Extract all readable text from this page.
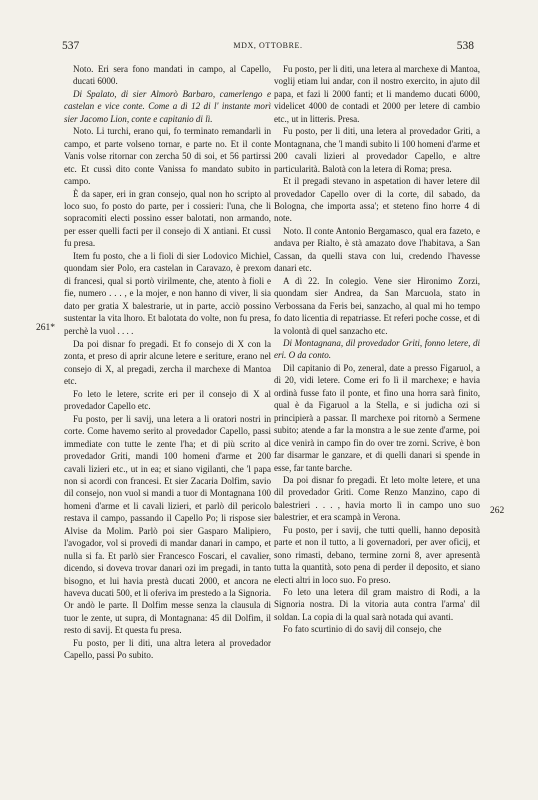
537	MDX, OTTOBRE.	538
261*
262

Noto. Eri sera fono mandati in campo, al Capello, ducati 6000.

Di Spalato, di sier Almorò Barbaro, camerlengo e castelan e vice conte. Come a dì 12 di l' instante morì sier Jacomo Lion, conte e capitanio di lì.

Noto. Li turchi, erano qui, fo terminato remandarli in campo, et parte volseno tornar, e parte no. Et il conte Vanis volse ritornar con zercha 50 di soi, et 56 partirssi etc. Et cussì dito conte Vanissa fo mandato subito in campo.

È da saper, eri in gran consejo, qual non ho scripto al loco suo, fo posto do parte, per i cossieri: l'una, che li sopracomiti electi possino esser balotati, non armando, per esser quelli facti per il consejo di X antiani. Et cussì fu presa.

Item fu posto, che a li fioli di sier Lodovico Michiel, quondam sier Polo, era castelan in Caravazo, è prexom di francesi, qual si portò virilmente, che, atento à fioli e fie, numero . . . , e la mojer, e non hanno di viver, li sia dato per gratia X balestrarie, ut in parte, acciò possino sustentar la vita lhoro. Et balotata do volte, non fu presa, perchè la vuol . . . .

Da poi disnar fo pregadi. Et fo consejo di X con la zonta, et preso di aprir alcune letere e seriture, erano nel consejo di X, al pregadi, zercha il marchexe di Mantoa etc.

Fo leto le letere, scrite eri per il consejo di X al provedador Capello etc.

Fu posto, per li savij, una letera a li oratori nostri in corte. Come havemo serito al provedador Capello, passi immediate con tutte le zente l'ha; et di più scrito al provedador Griti, mandi 100 homeni d'arme et 200 cavali lizieri etc., ut in ea; et siano vigilanti, che 'l papa non si acordi con francesi. Et sier Zacaria Dolfim, savio dil consejo, non vuol si mandi a tuor di Montagnana 100 homeni d'arme et li cavali lizieri, et parlò dil pericolo restava il campo, passando il Capello Po; li rispose sier Alvise da Molim. Parlò poi sier Gasparo Malipiero, l'avogador, vol si provedi di mandar danari in campo, et nulla si fa. Et parlò sier Francesco Foscari, el cavalier, dicendo, si doveva trovar danari ozi im pregadi, in tanto bisogno, et lui havia prestà ducati 2000, et ancora ne haveva ducati 500, et li oferiva im prestedo a la Signoria. Or andò le parte. Il Dolfim messe senza la clausula di tuor le zente, ut supra, di Montagnana: 45 dil Dolfim, il resto di savij. Et questa fu presa.

Fu posto, per li diti, una altra letera al provedador Capello, passi Po subito.

Fu posto, per li diti, una letera al marchexe di Mantoa, voglij etiam lui andar, con il nostro exercito, in ajuto dil papa, et fazi li 2000 fanti; et li mandemo ducati 6000, videlicet 4000 de contadi et 2000 per letere di cambio etc., ut in litteris. Presa.

Fu posto, per li diti, una letera al provedador Griti, a Montagnana, che 'l mandi subito li 100 homeni d'arme et 200 cavali lizieri al provedador Capello, e altre particularità. Balotà con la letera di Roma; presa.

Et il pregadi stevano in aspetation di haver letere dil provedador Capello over di la corte, dil sabado, da Bologna, che importa assa'; et steteno fino horre 4 di note.

Noto. Il conte Antonio Bergamasco, qual era fazeto, e andava per Rialto, è stà amazato dove l'habitava, a San Cassan, da quelli stava con lui, credendo l'havesse danari etc.

A dì 22. In colegio. Vene sier Hironimo Zorzi, quondam sier Andrea, da San Marcuola, stato in Verbossana da Feris bei, sanzacho, al qual mi ho tempo fo dato licentia di repatriasse. Et referi poche cosse, et di la volontà di quel sanzacho etc.

Di Montagnana, dil provedador Griti, fonno letere, di eri. O da conto.

Dil capitanio di Po, zeneral, date a presso Figaruol, a dì 20, vidi letere. Come eri fo lì il marchexe; e havia ordinà fusse fato il ponte, et fino una horra sarà finito, qual è da Figaruol a la Stella, e si judicha ozi si principierà a passar. Il marchexe poi ritornò a Sermene subito; atende a far la monstra a le sue zente d'arme, poi dice venirà in campo fin do over tre zorni. Scrive, è bon far disarmar le ganzare, et di quelli danari si spende in esse, far tante barche.

Da poi disnar fo pregadi. Et leto molte letere, et una dil provedador Griti. Come Renzo Manzino, capo di balestrieri . . . , havia morto lì in campo uno suo balestrier, et era scampà in Verona.

Fu posto, per i savij, che tutti quelli, hanno deposità parte et non il tutto, a li governadori, per aver oficij, et sono rimasti, debano, termine zorni 8, aver apresentà tutta la quantità, soto pena di perder il deposito, et siano electi altri in loco suo. Fo preso.

Fo leto una letera dil gram maistro di Rodi, a la Signoria nostra. Di la vitoria auta contra l'arma' dil soldan. La copia di la qual sarà notada qui avanti.

Fo fato scurtinio di do savij dil consejo, che
